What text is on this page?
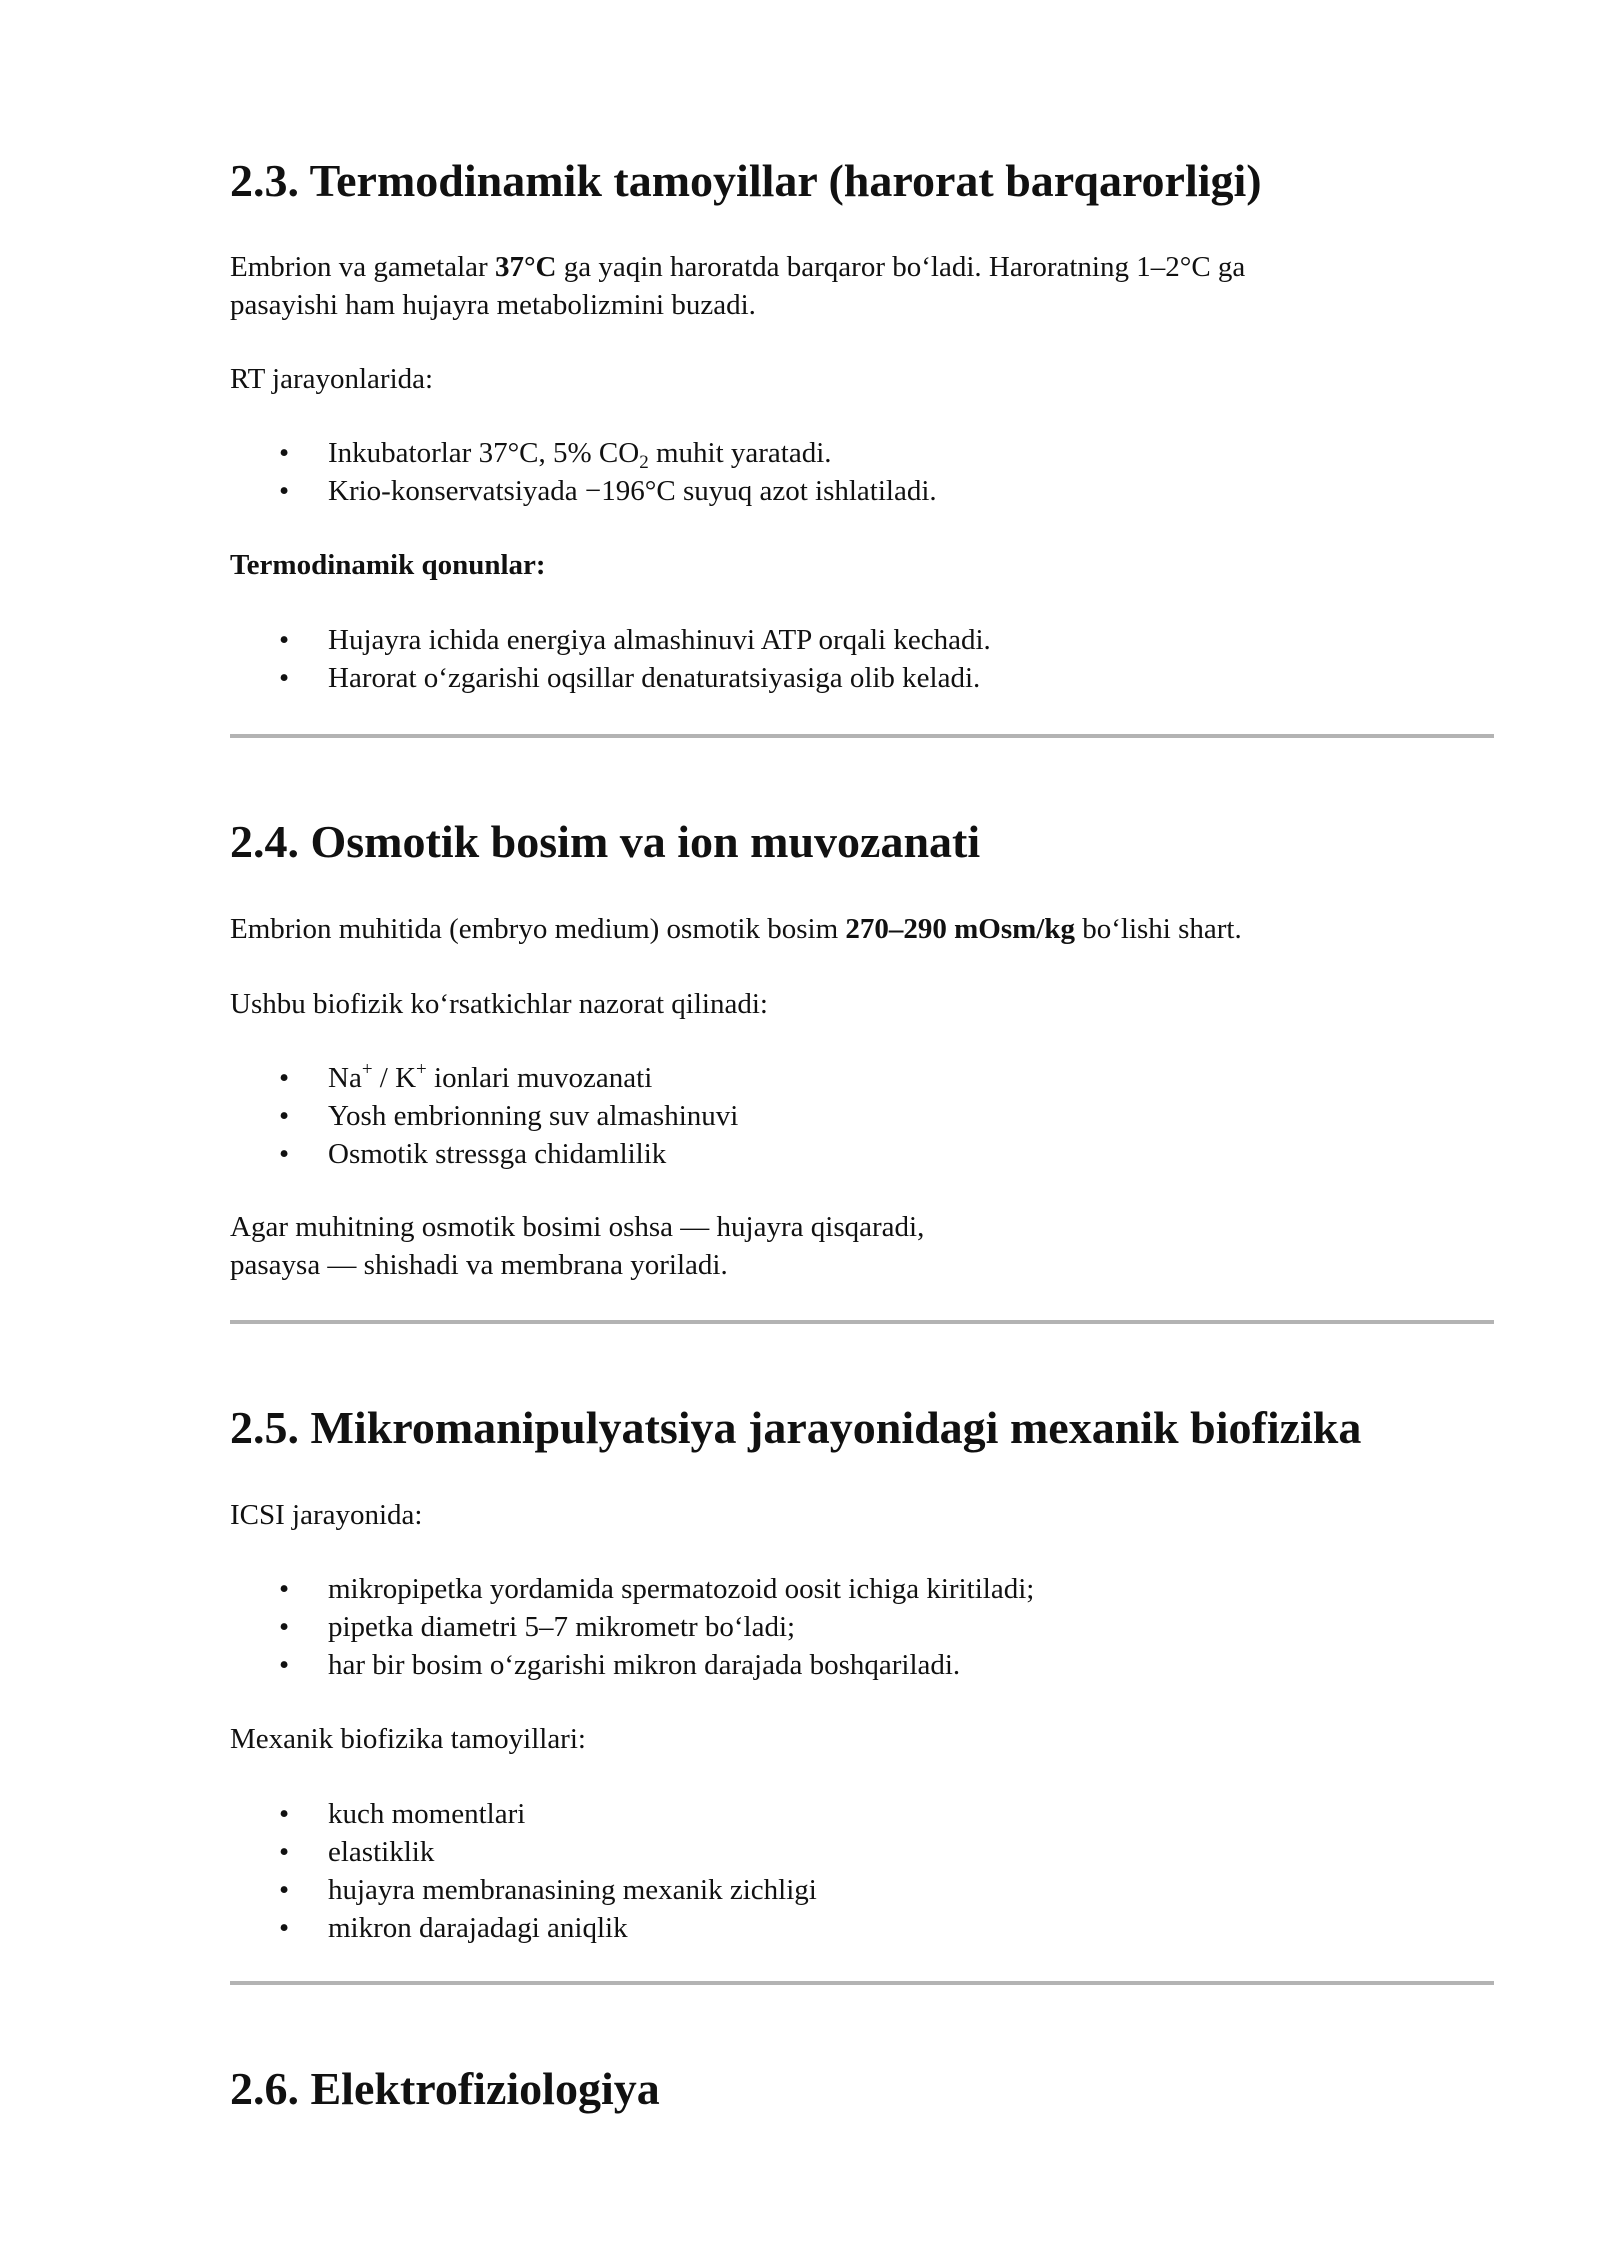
2.3. Termodinamik tamoyillar (harorat barqarorligi)

Embrion va gametalar 37°C ga yaqin haroratda barqaror bo‘ladi. Haroratning 1–2°C ga

pasayishi ham hujayra metabolizmini buzadi.

RT jarayonlarida:

• Inkubatorlar 37°C, 5% $CO_2$ muhit yaratadi.
• Krio-konservatsiyada −196°C suyuq azot ishlatiladi.

Termodinamik qonunlar:

• Hujayra ichida energiya almashinuvi ATP orqali kechadi.
• Harorat o‘zgarishi oqsillar denaturatsiyasiga olib keladi.
2.4. Osmotik bosim va ion muvozanati

Embrion muhitida (embryo medium) osmotik bosim 270–290 mOsm/kg bo‘lishi shart.

Ushbu biofizik ko‘rsatkichlar nazorat qilinadi:

• Na+ / K+ ionlari muvozanati
• Yosh embrionning suv almashinuvi
• Osmotik stressga chidamlilik

Agar muhitning osmotik bosimi oshsa — hujayra qisqaradi,

pasaysa — shishadi va membrana yoriladi.

2.5. Mikromanipulyatsiya jarayonidagi mexanik biofizika

ICSI jarayonida:

• mikropipetka yordamida spermatozoid oosit ichiga kiritiladi;
• pipetka diametri 5–7 mikrometr bo‘ladi;
• har bir bosim o‘zgarishi mikron darajada boshqariladi.

Mexanik biofizika tamoyillari:

• kuch momentlari
• elastiklik
• hujayra membranasining mexanik zichligi
• mikron darajadagi aniqlik
2.6. Elektrofiziologiya
